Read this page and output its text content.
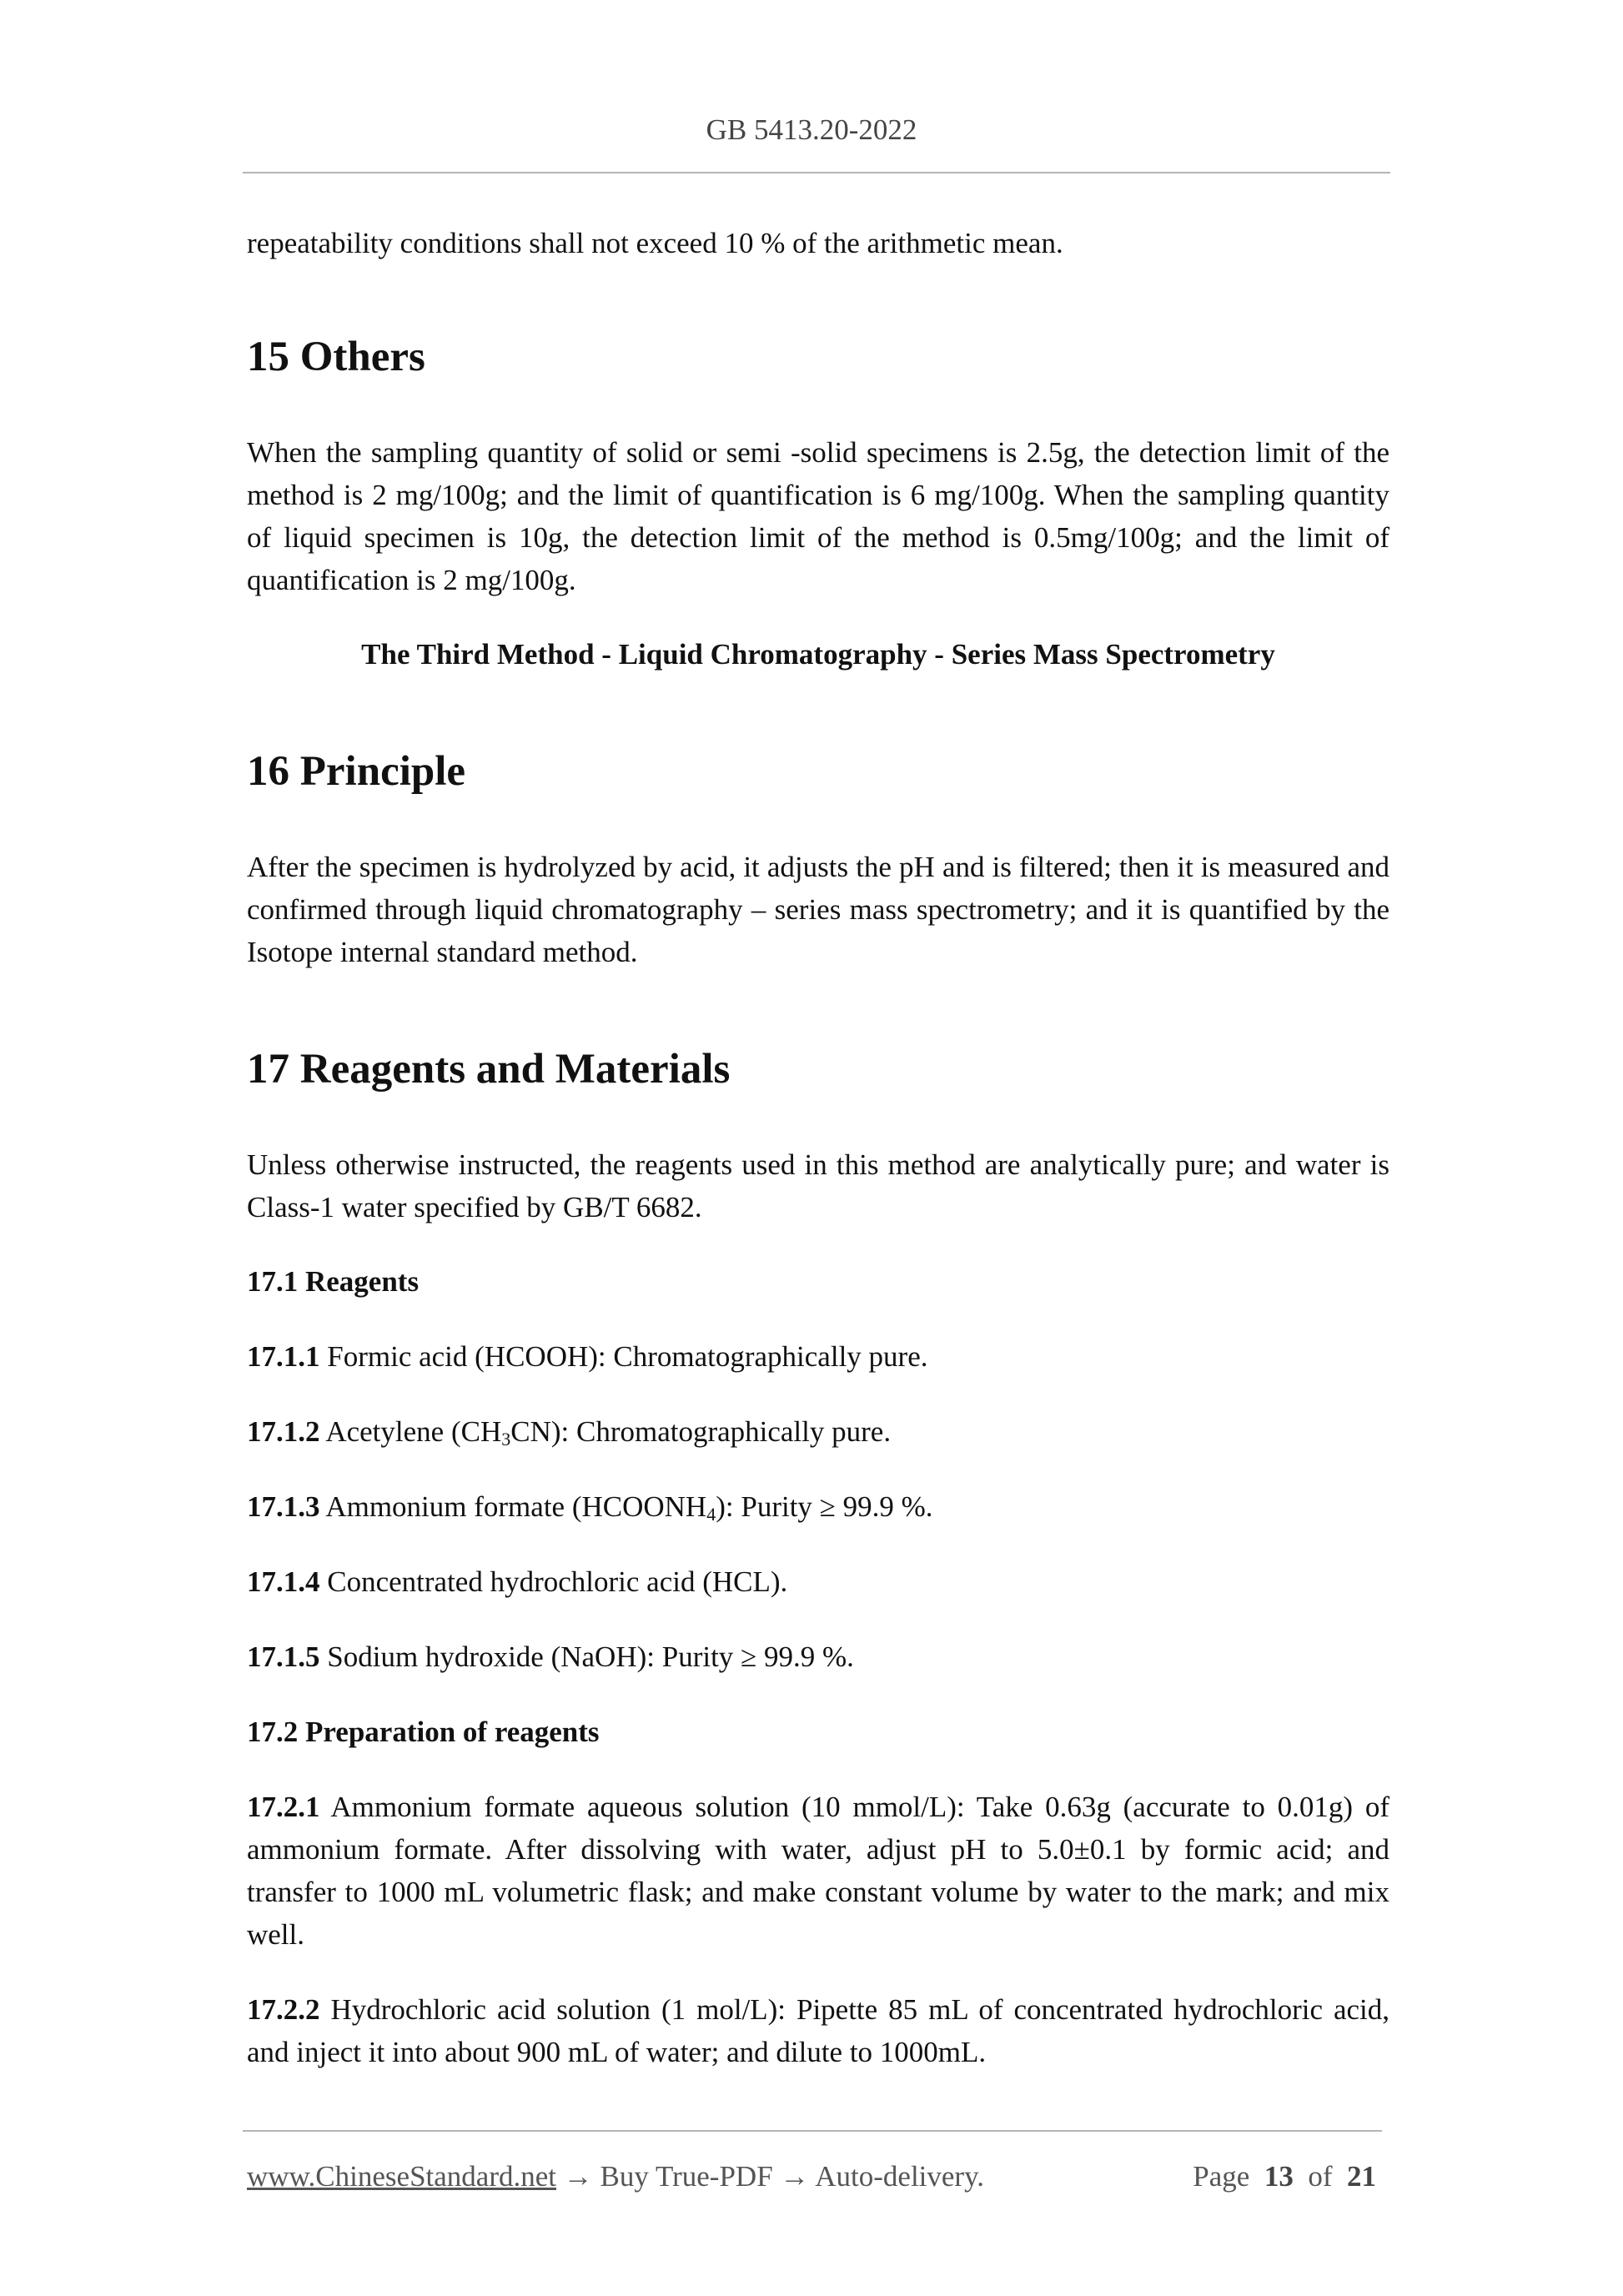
GB 5413.20-2022

repeatability conditions shall not exceed 10 % of the arithmetic mean.

15 Others

When the sampling quantity of solid or semi -solid specimens is 2.5g, the detection limit of the method is 2 mg/100g; and the limit of quantification is 6 mg/100g. When the sampling quantity of liquid specimen is 10g, the detection limit of the method is 0.5mg/100g; and the limit of quantification is 2 mg/100g.

The Third Method - Liquid Chromatography - Series Mass Spectrometry

16 Principle

After the specimen is hydrolyzed by acid, it adjusts the pH and is filtered; then it is measured and confirmed through liquid chromatography – series mass spectrometry; and it is quantified by the Isotope internal standard method.

17 Reagents and Materials

Unless otherwise instructed, the reagents used in this method are analytically pure; and water is Class-1 water specified by GB/T 6682.

17.1 Reagents

17.1.1 Formic acid (HCOOH): Chromatographically pure.

17.1.2 Acetylene $(CH_3CN)$: Chromatographically pure.

17.1.3 Ammonium formate $(HCOONH_4)$: Purity ≥ 99.9 %.

17.1.4 Concentrated hydrochloric acid (HCL).

17.1.5 Sodium hydroxide (NaOH): Purity ≥ 99.9 %.

17.2 Preparation of reagents

17.2.1 Ammonium formate aqueous solution (10 mmol/L): Take 0.63g (accurate to 0.01g) of ammonium formate. After dissolving with water, adjust pH to 5.0±0.1 by formic acid; and transfer to 1000 mL volumetric flask; and make constant volume by water to the mark; and mix well.

17.2.2 Hydrochloric acid solution (1 mol/L): Pipette 85 mL of concentrated hydrochloric acid, and inject it into about 900 mL of water; and dilute to 1000mL.

www.ChineseStandard.net → Buy True-PDF → Auto-delivery.	Page 13 of 21
